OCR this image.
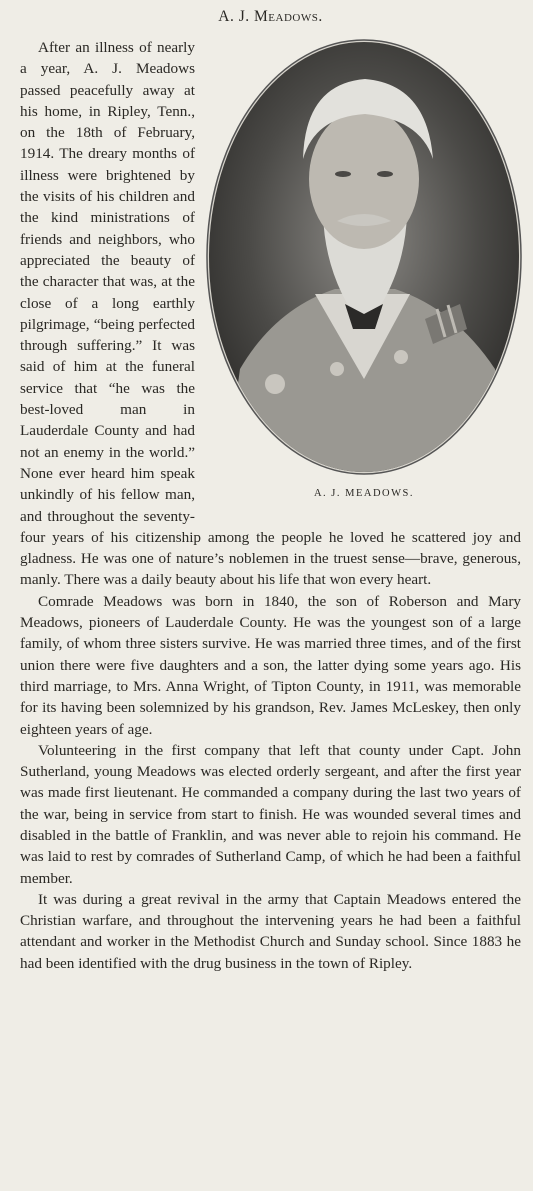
A. J. Meadows.
A. J. MEADOWS.

After an illness of nearly a year, A. J. Meadows passed peacefully away at his home, in Ripley, Tenn., on the 18th of February, 1914. The dreary months of illness were brightened by the visits of his children and the kind ministrations of friends and neighbors, who appreciated the beauty of the character that was, at the close of a long earthly pilgrimage, “being perfected through suffering.” It was said of him at the funeral service that “he was the best-loved man in Lauderdale County and had not an enemy in the world.” None ever heard him speak unkindly of his fellow man, and throughout the seventy-four years of his citizenship among the people he loved he scattered joy and gladness. He was one of nature’s noblemen in the truest sense—brave, generous, manly. There was a daily beauty about his life that won every heart.

Comrade Meadows was born in 1840, the son of Roberson and Mary Meadows, pioneers of Lauderdale County. He was the youngest son of a large family, of whom three sisters survive. He was married three times, and of the first union there were five daughters and a son, the latter dying some years ago. His third marriage, to Mrs. Anna Wright, of Tipton County, in 1911, was memorable for its having been solemnized by his grandson, Rev. James McLeskey, then only eighteen years of age.

Volunteering in the first company that left that county under Capt. John Sutherland, young Meadows was elected orderly sergeant, and after the first year was made first lieutenant. He commanded a company during the last two years of the war, being in service from start to finish. He was wounded several times and disabled in the battle of Franklin, and was never able to rejoin his command. He was laid to rest by comrades of Sutherland Camp, of which he had been a faithful member.

It was during a great revival in the army that Captain Meadows entered the Christian warfare, and throughout the intervening years he had been a faithful attendant and worker in the Methodist Church and Sunday school. Since 1883 he had been identified with the drug business in the town of Ripley.
